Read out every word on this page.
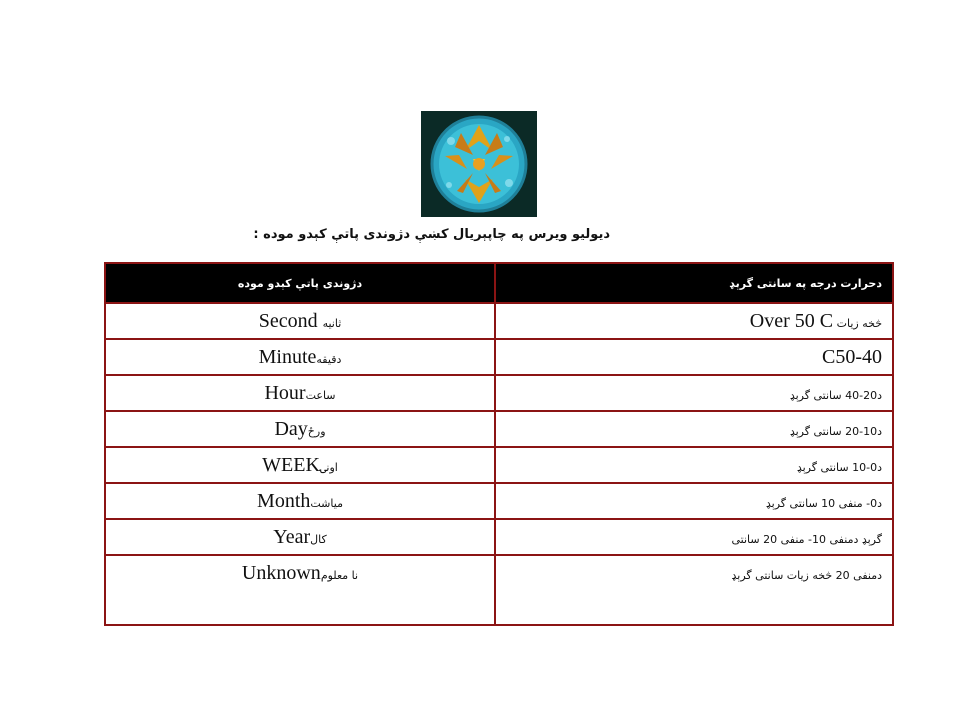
دیولیو ویرس په چاپېریال کښې دژوندی پاتې کېدو موده :
دژوندی پاتې کېدو موده	دحرارت درجه په سانتی گرېډ
Second ثانیه	څخه زیات Over 50 C
Minuteدقیقه	C50-40
Hourساعت	د20-40 سانتی گرېډ
Dayورځ	د10-20 سانتی گرېډ
WEEKاونۍ	د0-10 سانتی گرېډ
Monthمیاشت	د0- منفی 10 سانتی گرېډ
Yearکال	گرېډ دمنفی 10- منفی 20 سانتی
Unknownنا معلوم	دمنفی 20 څخه زیات سانتی گرېډ
